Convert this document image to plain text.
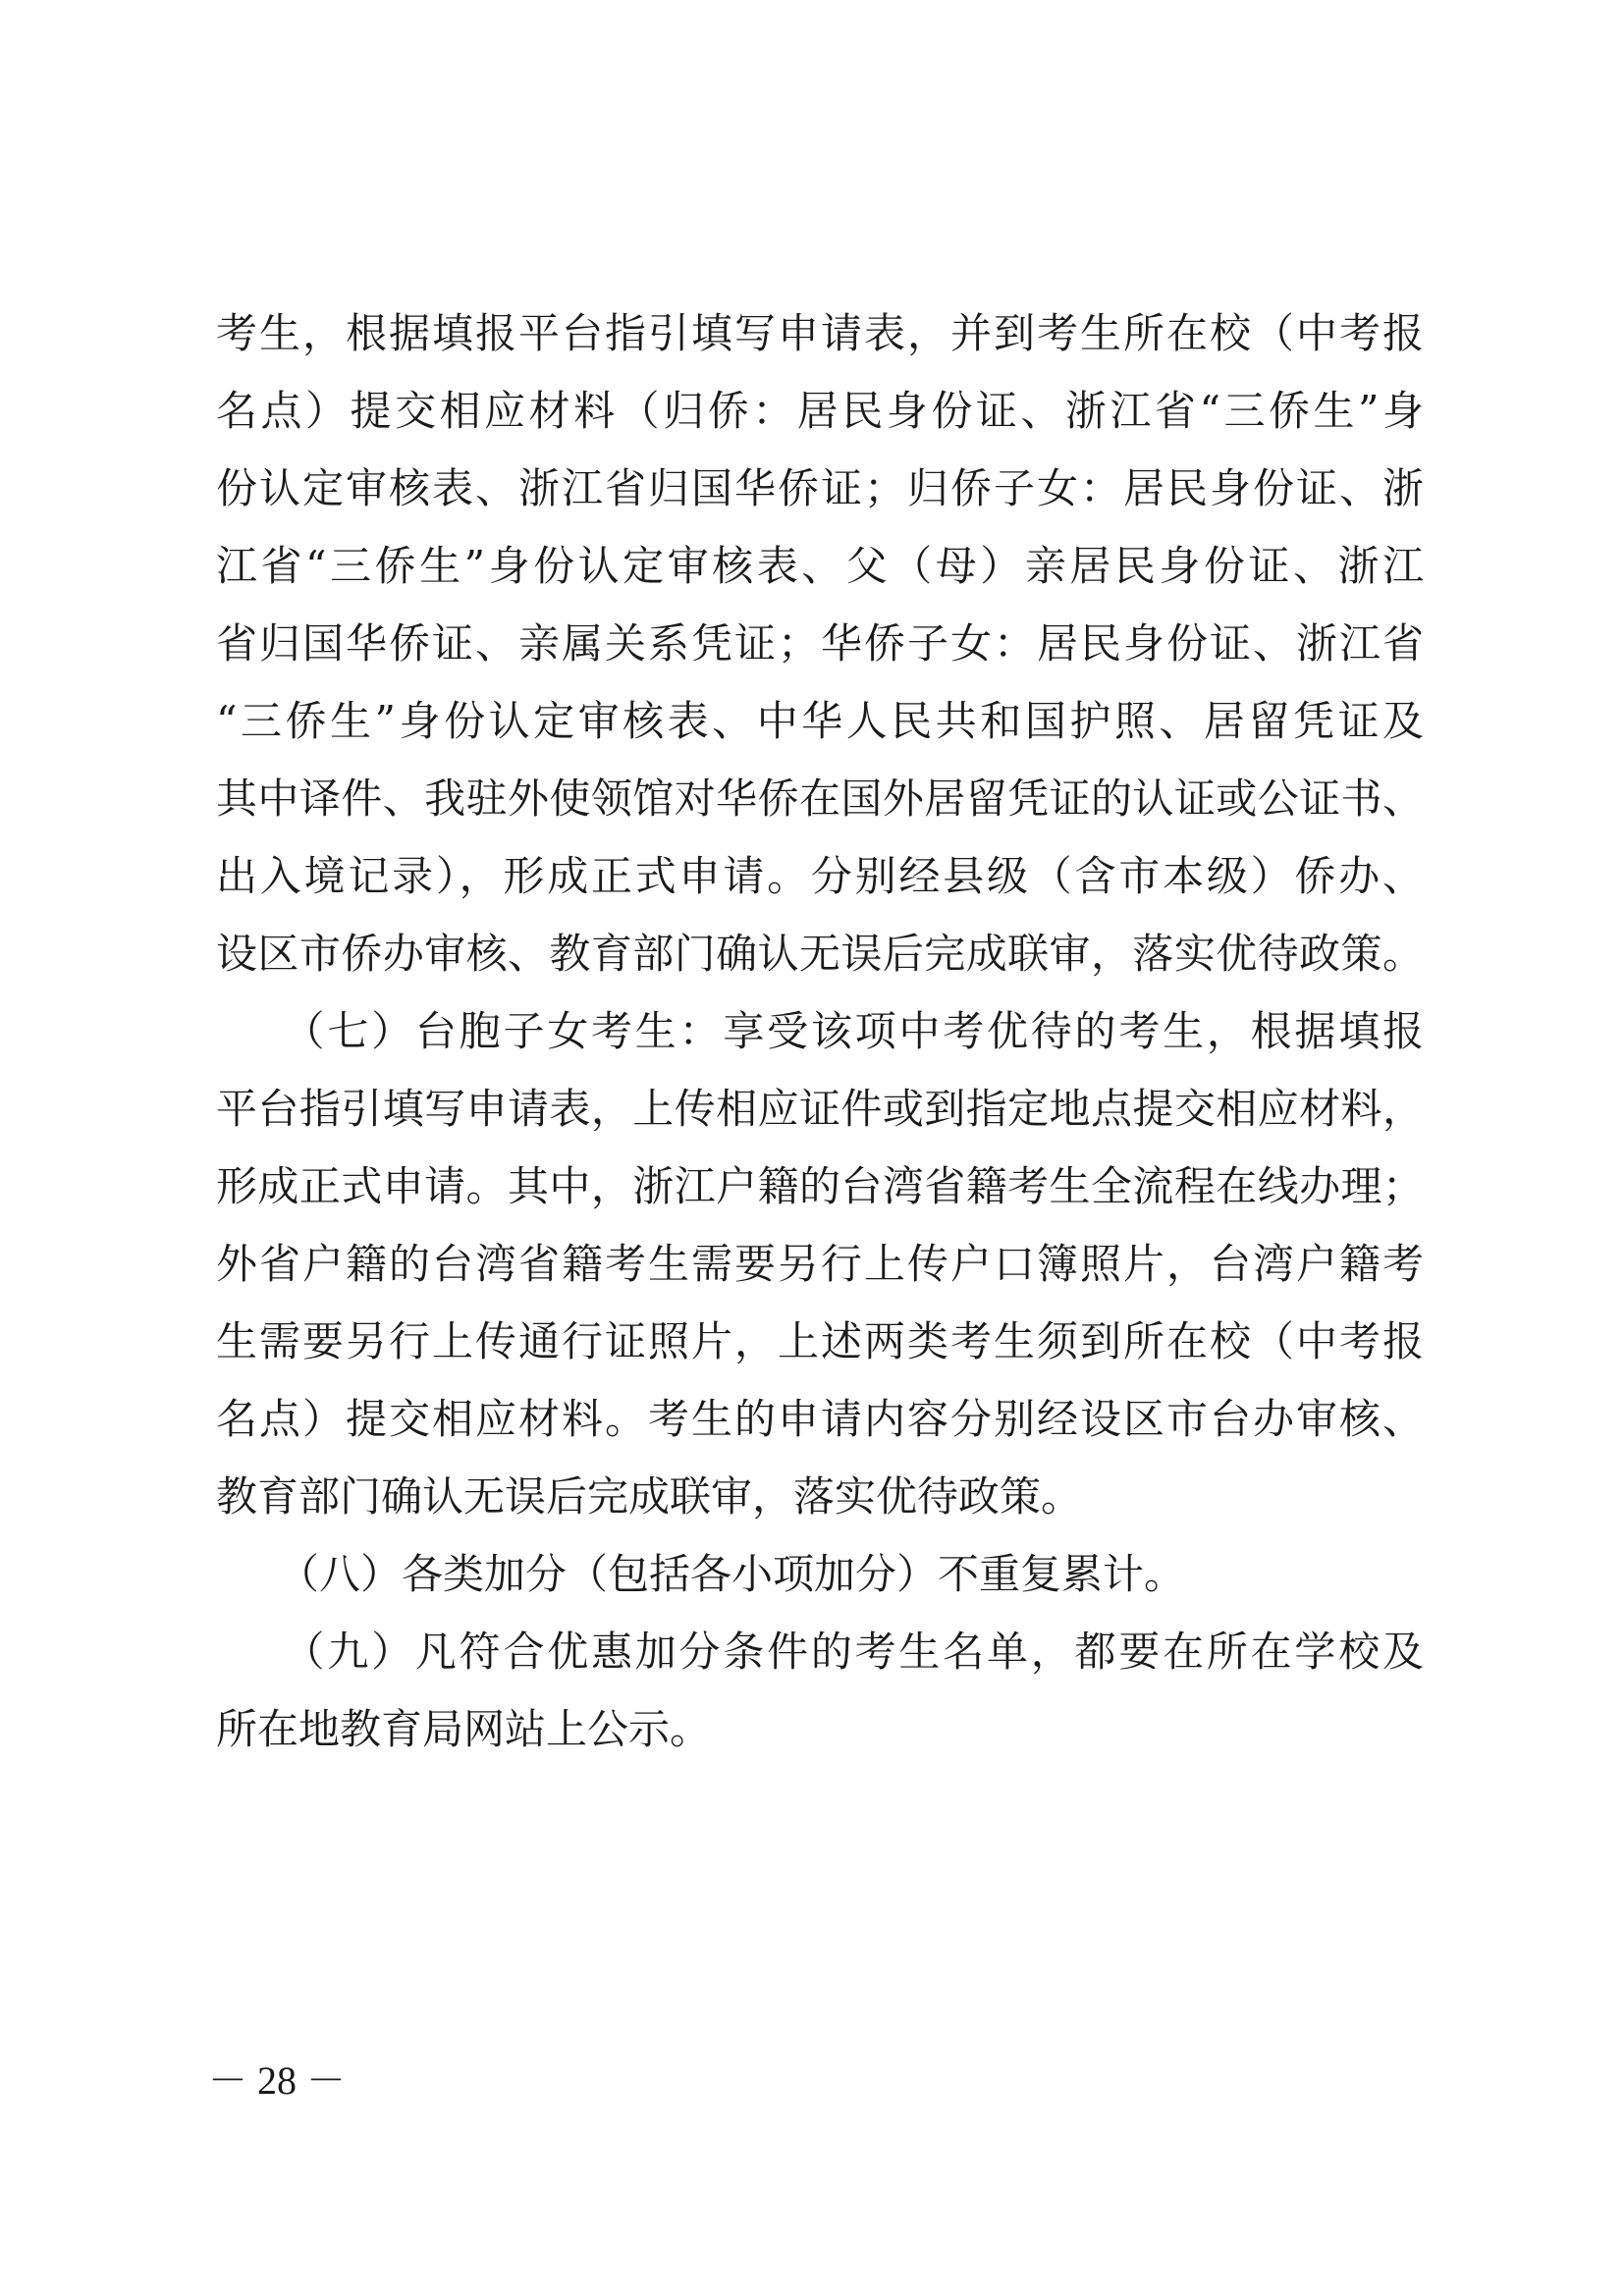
考生，根据填报平台指引填写申请表，并到考生所在校（中考报
名点）提交相应材料（归侨：居民身份证、浙江省“三侨生”身
份认定审核表、浙江省归国华侨证；归侨子女：居民身份证、浙
江省“三侨生”身份认定审核表、父（母）亲居民身份证、浙江
省归国华侨证、亲属关系凭证；华侨子女：居民身份证、浙江省
“三侨生”身份认定审核表、中华人民共和国护照、居留凭证及
其中译件、我驻外使领馆对华侨在国外居留凭证的认证或公证书、
出入境记录），形成正式申请。分别经县级（含市本级）侨办、
设区市侨办审核、教育部门确认无误后完成联审，落实优待政策。
　　（七）台胞子女考生：享受该项中考优待的考生，根据填报
平台指引填写申请表，上传相应证件或到指定地点提交相应材料，
形成正式申请。其中，浙江户籍的台湾省籍考生全流程在线办理；
外省户籍的台湾省籍考生需要另行上传户口簿照片，台湾户籍考
生需要另行上传通行证照片，上述两类考生须到所在校（中考报
名点）提交相应材料。考生的申请内容分别经设区市台办审核、
教育部门确认无误后完成联审，落实优待政策。
　　（八）各类加分（包括各小项加分）不重复累计。
　　（九）凡符合优惠加分条件的考生名单，都要在所在学校及
所在地教育局网站上公示。
－ 28 －
